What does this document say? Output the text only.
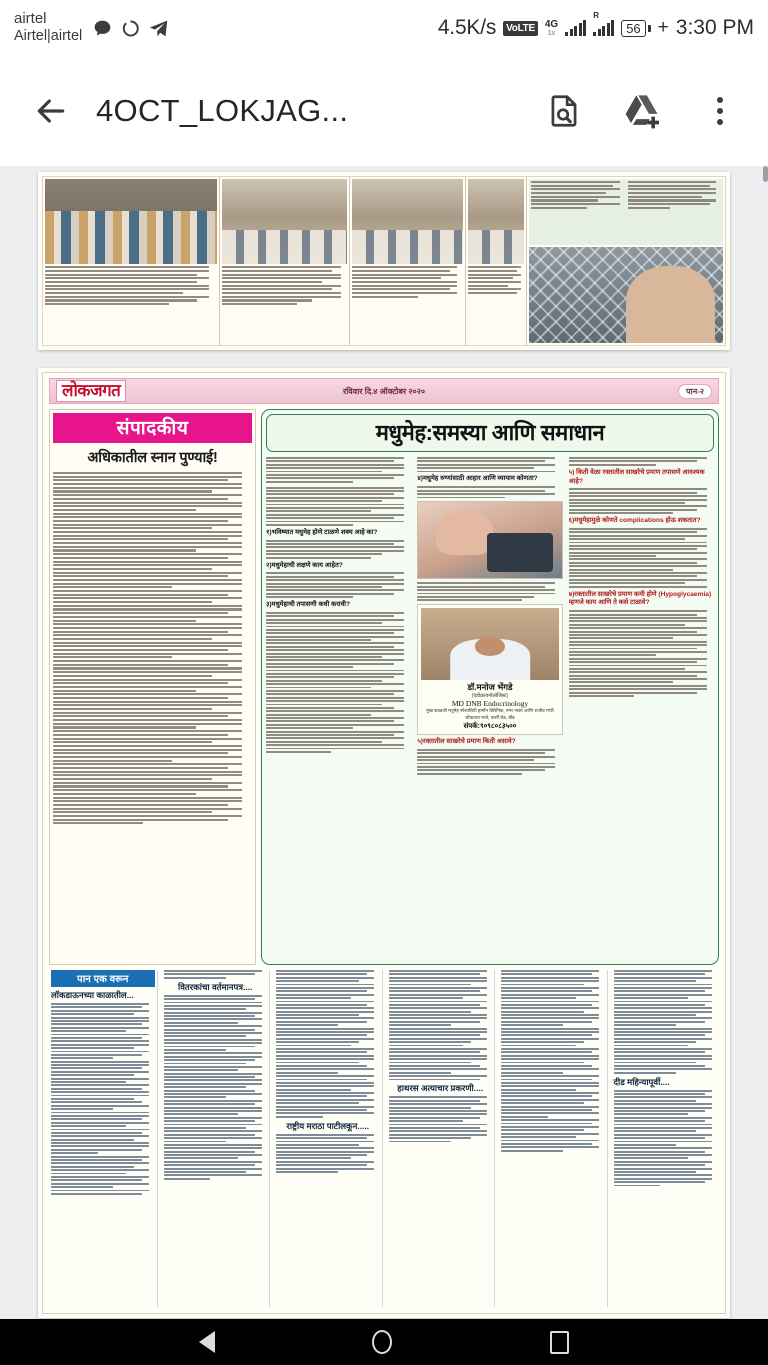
airtel
Airtel|airtel	4.5K/s	VoLTE	4G
1x
R
56 + 3:30 PM
4OCT_LOKJAG...
लोकजगत	रविवार दि.४ ऑक्टोबर २०२०	पान-२
संपादकीय
अधिकातील स्नान पुण्याई!
मधुमेह:समस्या आणि समाधान
१)भविष्यात मधुमेह होणे टाळणे शक्य आहे का?
२)मधुमेहाची लक्षणे काय आहेत?
३)मधुमेहाची तपासणी कधी करावी?
४)मधुमेह रुग्णांसाठी आहार आणि व्यायाम कोणता?
डॉ.मनोज भेंगडे
(एंडोक्रायनॉलॉजिस्ट)
MD DNB Endocrinology
मुख काळजी मधुमेह स्पेशालिटी हार्मोन क्लिनिक, नगर नाका आणि राजीव गांधी चौकाच्या मध्ये, बार्शी रोड, बीड
संपर्क:९०९८०८३५००
५)रक्तातील साखरेचे प्रमाण किती असावे?
५) किती वेळा रक्तातील साखरेचे प्रमाण तपासणे आवश्यक आहे?
६)मधुमेहामुळे कोणते complications होऊ शकतात?
७)रक्तातील साखरेचे प्रमाण कमी होणे (Hypoglycaemia) म्हणजे काय आणि ते कसे टाळावे?
पान एक वरून
लॉकडाऊनच्या काळातील...
वितरकांचा वर्तमानपत्र....
राष्ट्रीय मराठा पाटीलकून.....
हाथरस अत्याचार प्रकरणी....
दीड महिन्यापूर्वी....
